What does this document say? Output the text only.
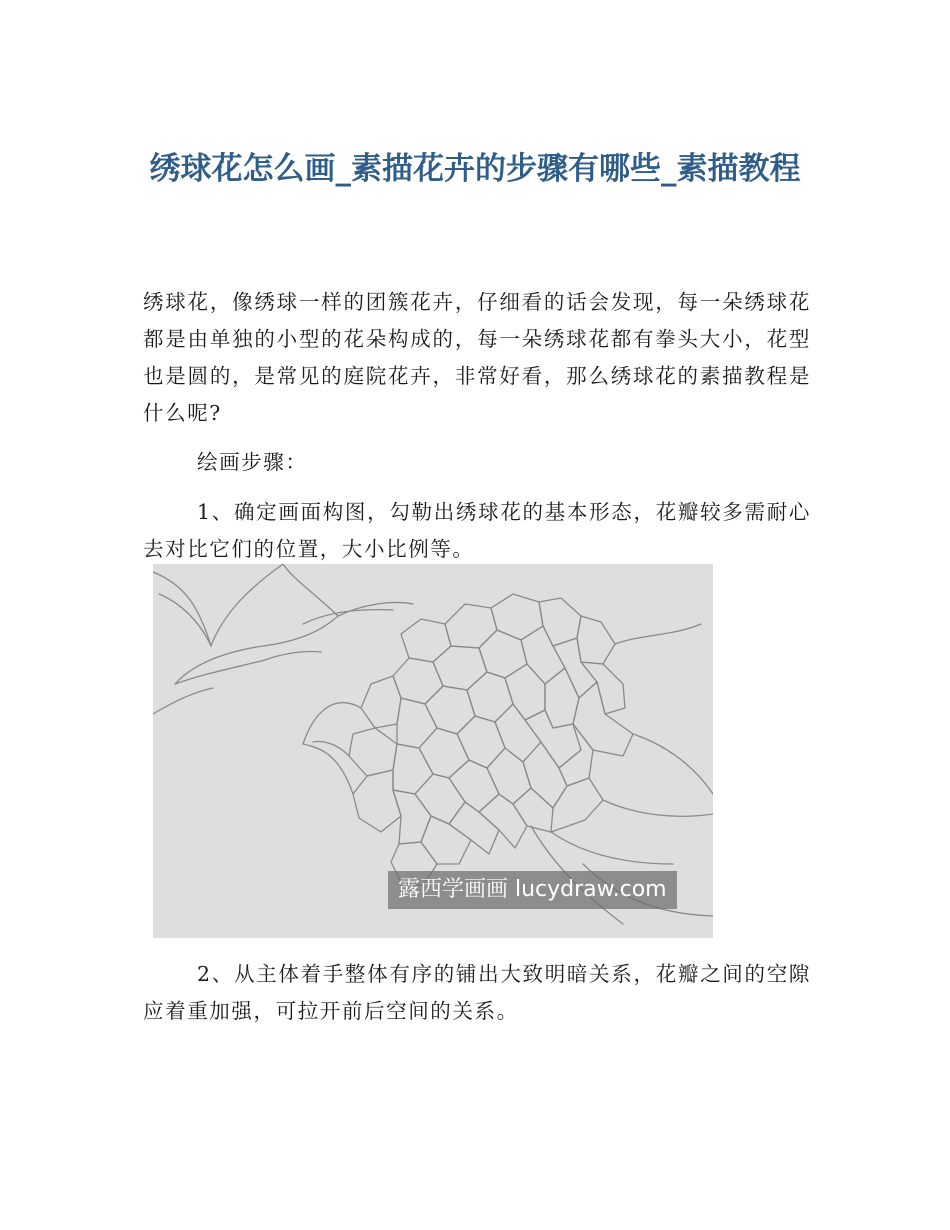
绣球花怎么画_素描花卉的步骤有哪些_素描教程

绣球花，像绣球一样的团簇花卉，仔细看的话会发现，每一朵绣球花都是由单独的小型的花朵构成的，每一朵绣球花都有拳头大小，花型也是圆的，是常见的庭院花卉，非常好看，那么绣球花的素描教程是什么呢?

绘画步骤：

1、确定画面构图，勾勒出绣球花的基本形态，花瓣较多需耐心去对比它们的位置，大小比例等。

露西学画画 lucydraw.com

2、从主体着手整体有序的铺出大致明暗关系，花瓣之间的空隙应着重加强，可拉开前后空间的关系。
